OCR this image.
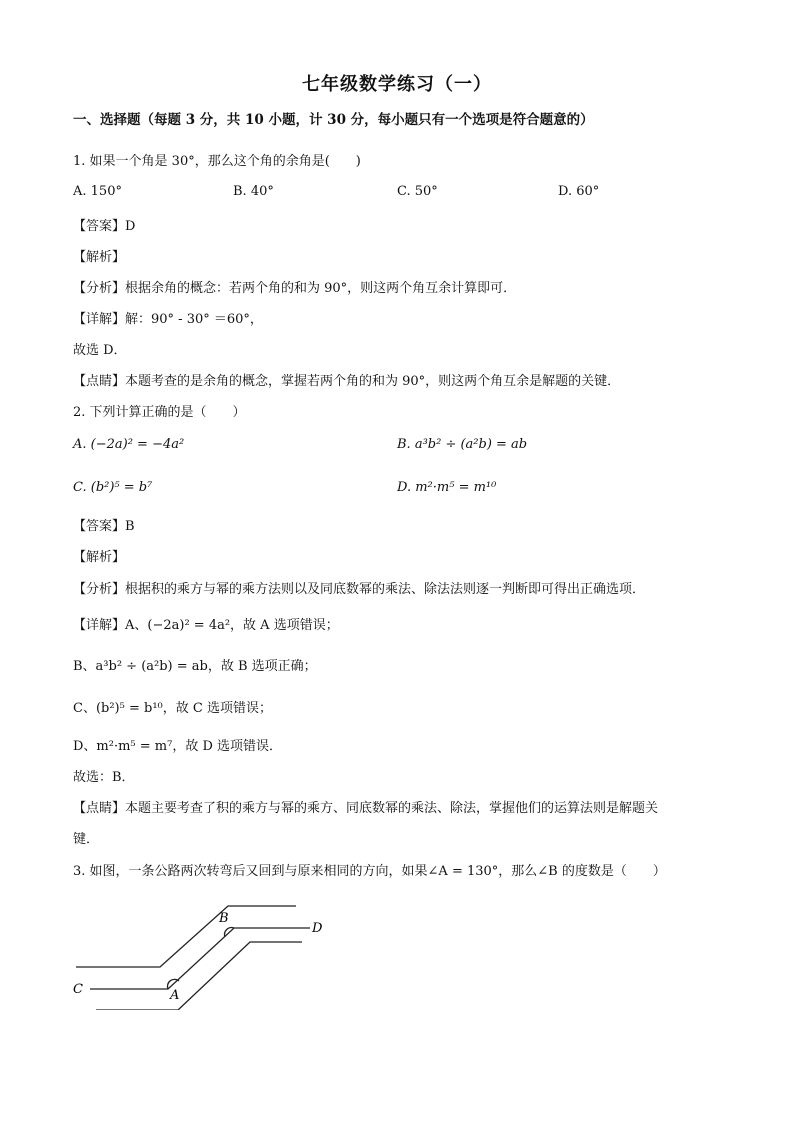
七年级数学练习（一）
一、选择题（每题 3 分，共 10 小题，计 30 分，每小题只有一个选项是符合题意的）
1. 如果一个角是 30°，那么这个角的余角是(　　)
A. 150°	B. 40°	C. 50°	D. 60°
【答案】D
【解析】
【分析】根据余角的概念：若两个角的和为 90°，则这两个角互余计算即可．
【详解】解：90° - 30° ＝60°，
故选 D．
【点睛】本题考查的是余角的概念，掌握若两个角的和为 90°，则这两个角互余是解题的关键．
2. 下列计算正确的是（　　）
A. (−2a)² = −4a²	B. a³b² ÷ (a²b) = ab
C. (b²)⁵ = b⁷	D. m²·m⁵ = m¹⁰
【答案】B
【解析】
【分析】根据积的乘方与幂的乘方法则以及同底数幂的乘法、除法法则逐一判断即可得出正确选项．
【详解】A、(−2a)² = 4a²，故 A 选项错误；
B、a³b² ÷ (a²b) = ab，故 B 选项正确；
C、(b²)⁵ = b¹⁰，故 C 选项错误；
D、m²·m⁵ = m⁷，故 D 选项错误．
故选：B．
【点睛】本题主要考查了积的乘方与幂的乘方、同底数幂的乘法、除法，掌握他们的运算法则是解题关
键．
3. 如图，一条公路两次转弯后又回到与原来相同的方向，如果∠A = 130°，那么∠B 的度数是（　　）
B
D
C	A
